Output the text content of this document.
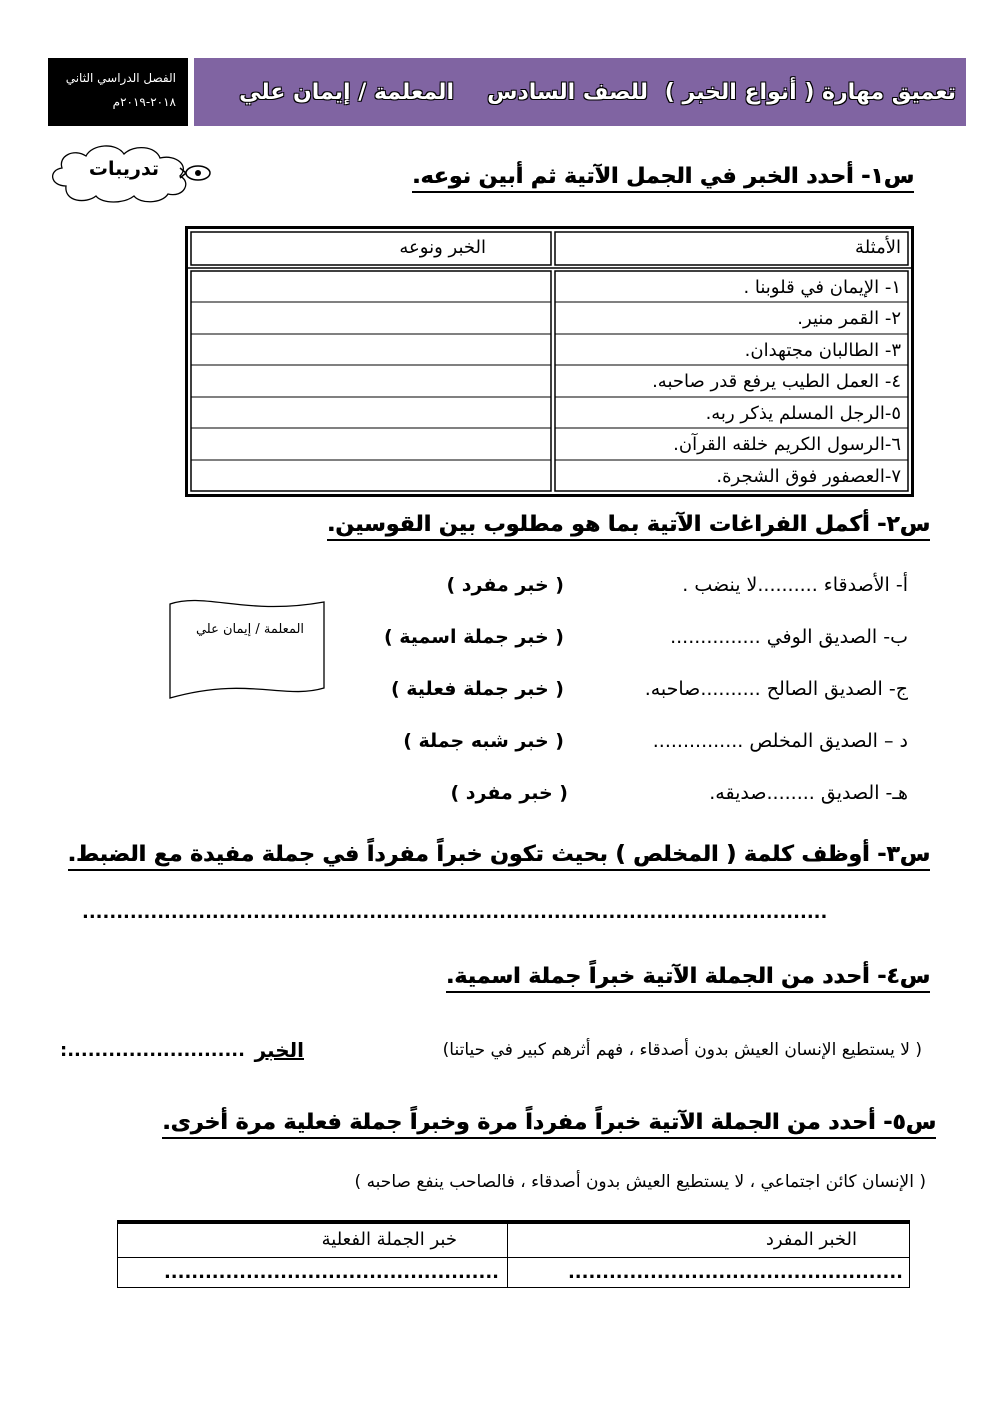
الفصل الدراسي الثاني
٢٠١٨-٢٠١٩م	تعميق مهارة ( أنواع الخبر )
للصف السادس
المعلمة / إيمان علي
تدريبات	س١- أحدد الخبر في الجمل الآتية ثم أبين نوعه.
الأمثلة
الخبر ونوعه
١- الإيمان في قلوبنا .
٢- القمر منير.
٣- الطالبان مجتهدان.
٤- العمل الطيب يرفع قدر صاحبه.
٥-الرجل المسلم يذكر ربه.
٦-الرسول الكريم خلقه القرآن.
٧-العصفور فوق الشجرة.
س٢- أكمل الفراغات الآتية بما هو مطلوب بين القوسين.
أ- الأصدقاء ..........لا ينضب .
( خبر مفرد )
ب- الصديق الوفي ...............
( خبر جملة اسمية )
ج- الصديق الصالح ..........صاحبه.
( خبر جملة فعلية )
د – الصديق المخلص ...............
( خبر شبه جملة )
هـ- الصديق ........صديقه.
( خبر مفرد )
المعلمة / إيمان علي
س٣- أوظف كلمة ( المخلص ) بحيث تكون خبراً مفرداً في جملة مفيدة مع الضبط.
.............................................................................................................
س٤- أحدد من الجملة الآتية خبراً جملة اسمية.
( لا يستطيع الإنسان العيش بدون أصدقاء ، فهم أثرهم كبير في حياتنا)
الخبر
:..........................
س٥- أحدد من الجملة الآتية خبراً مفرداً مرة وخبراً جملة فعلية مرة أخرى.
( الإنسان كائن اجتماعي ، لا يستطيع العيش بدون أصدقاء ، فالصاحب ينفع صاحبه )
الخبر المفرد
خبر الجملة الفعلية
.................................................
.................................................
